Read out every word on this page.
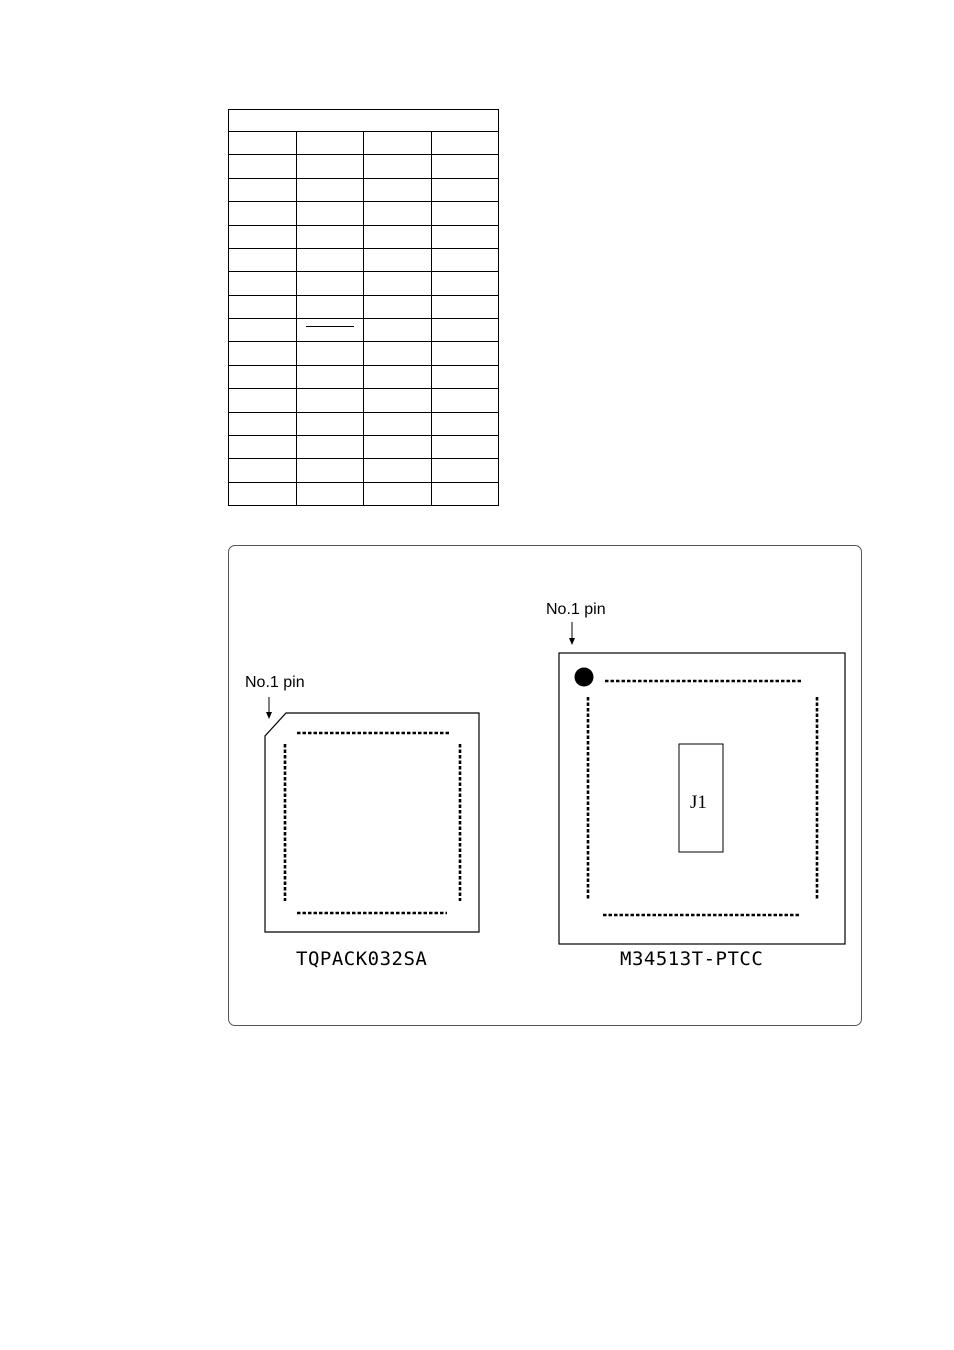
No.1 pin
No.1 pin
J1
TQPACK032SA	M34513T-PTCC
